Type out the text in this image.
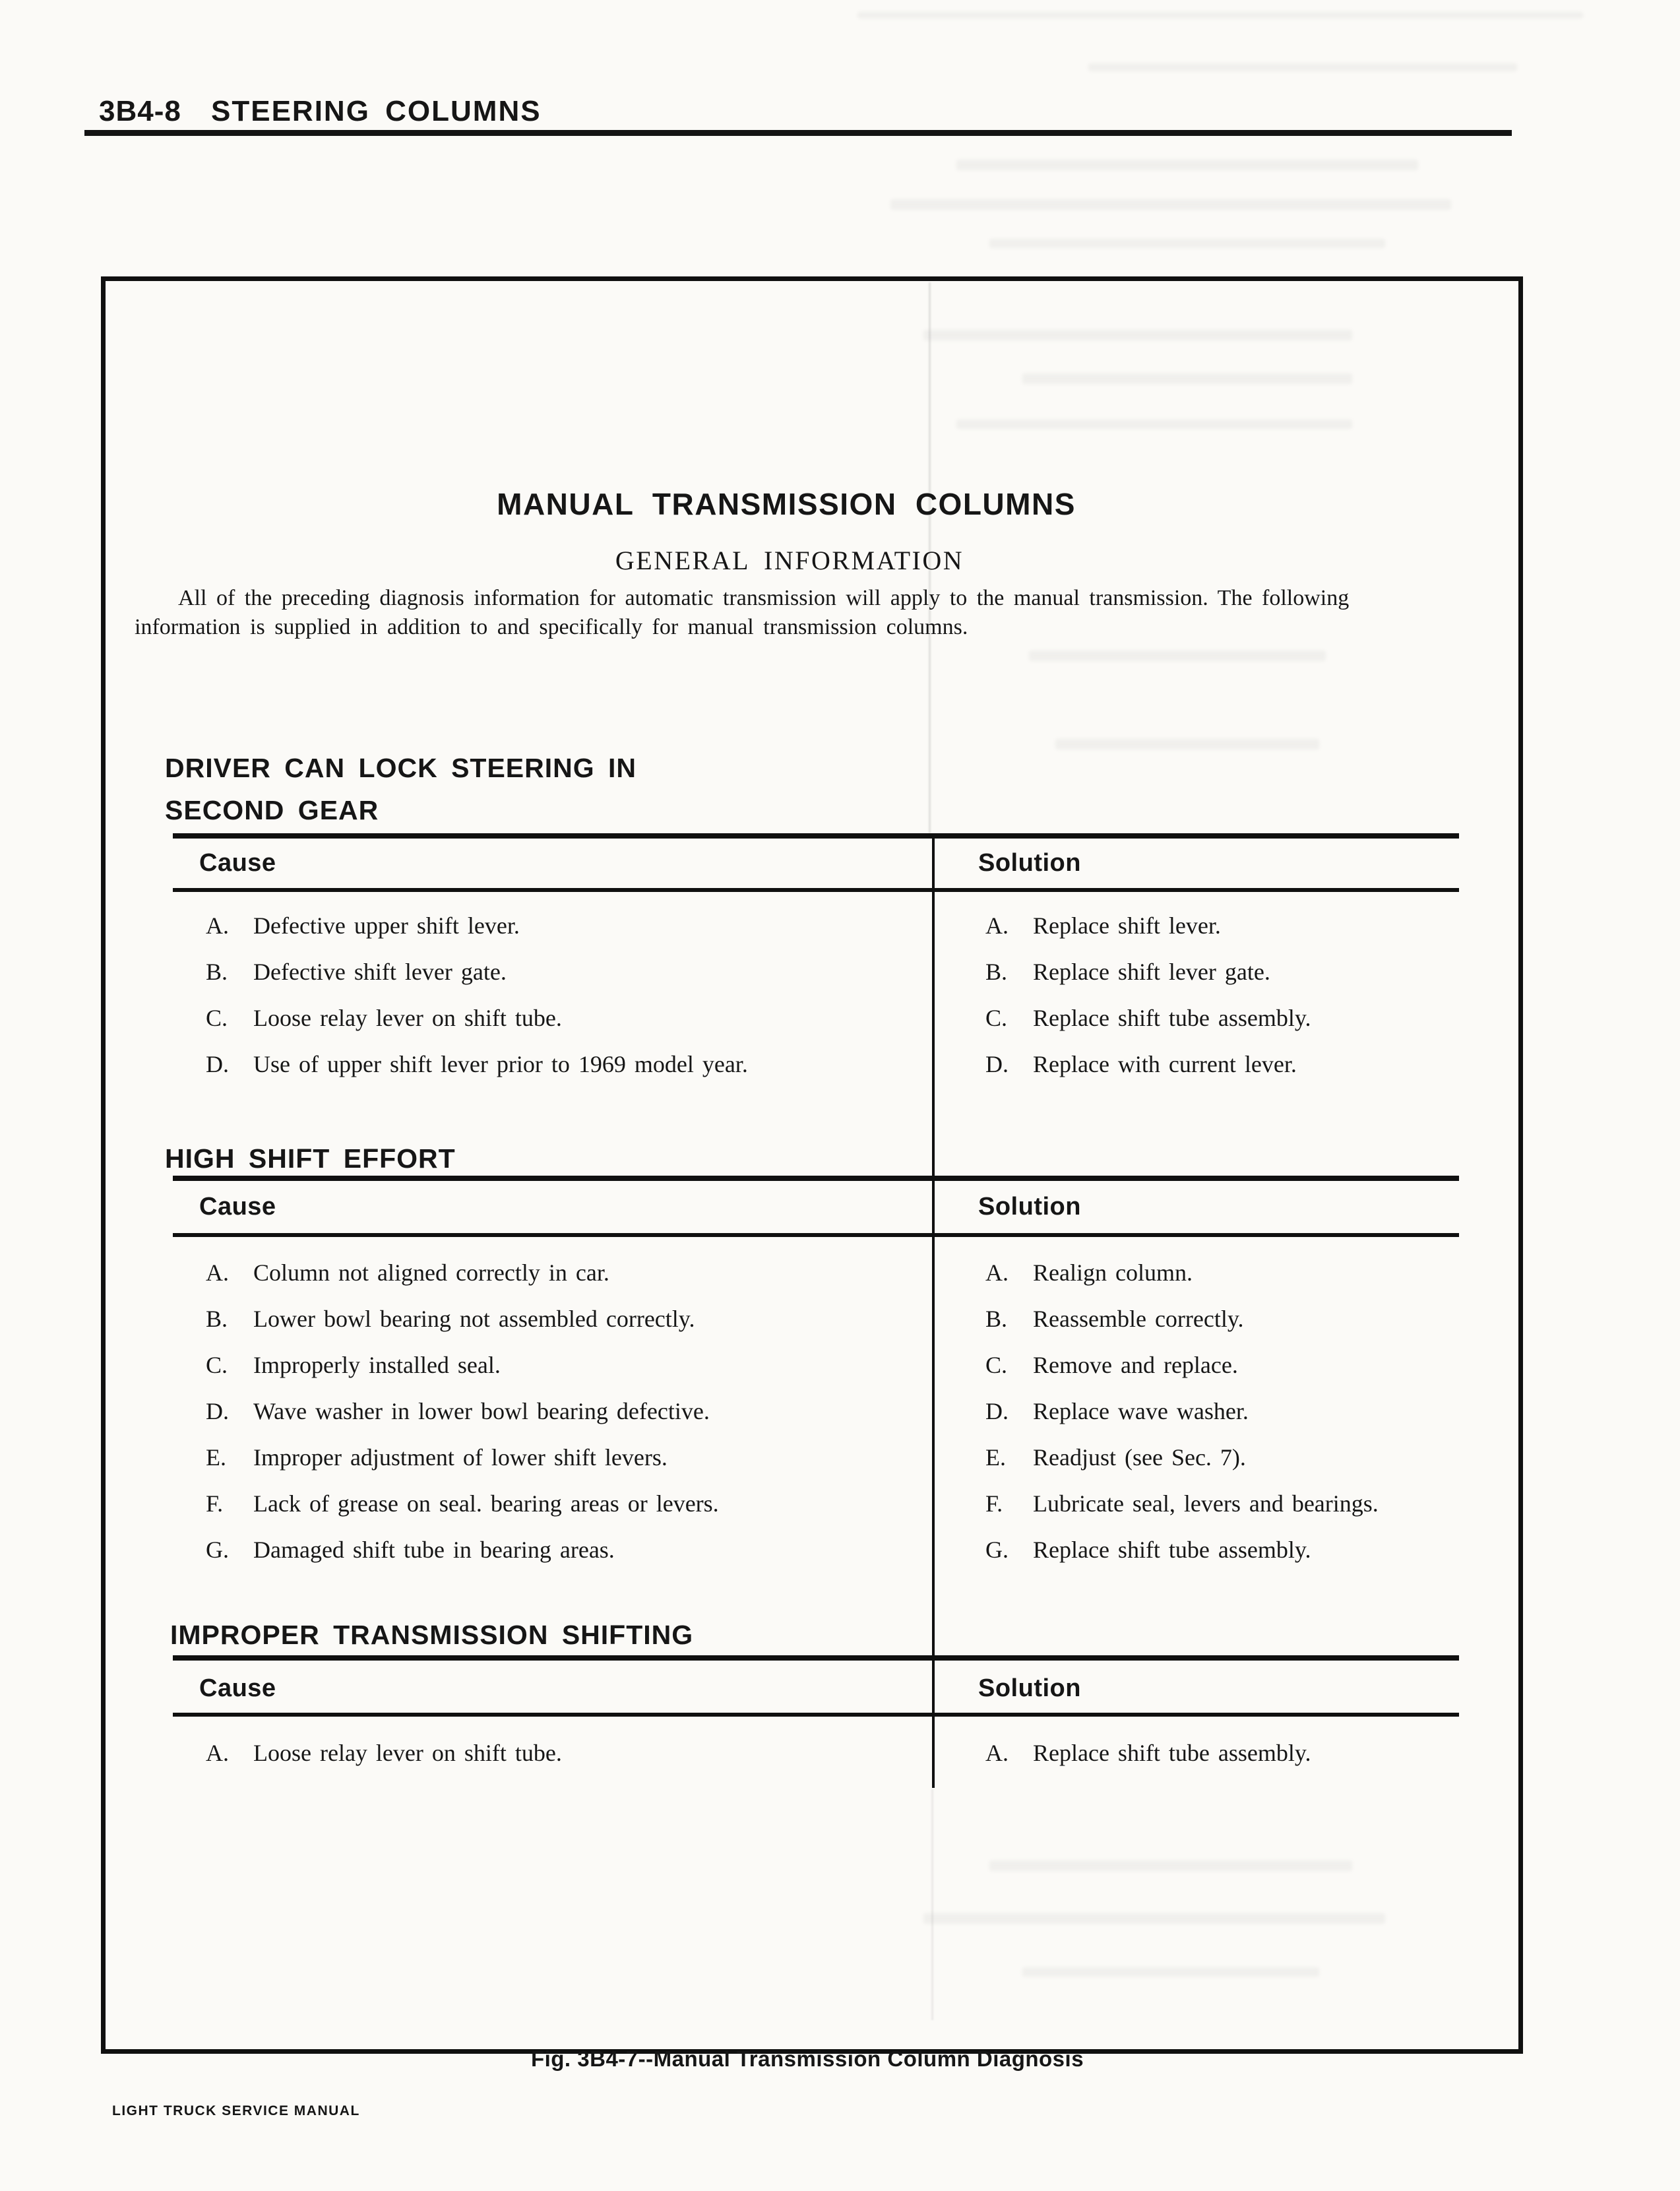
3B4-8 STEERING COLUMNS
MANUAL TRANSMISSION COLUMNS
GENERAL INFORMATION
All of the preceding diagnosis information for automatic transmission will apply to the manual transmission. The following
information is supplied in addition to and specifically for manual transmission columns.
DRIVER CAN LOCK STEERING IN
SECOND GEAR
Cause	Solution
A. Defective upper shift lever.	A. Replace shift lever.
B. Defective shift lever gate.	B. Replace shift lever gate.
C. Loose relay lever on shift tube.	C. Replace shift tube assembly.
D. Use of upper shift lever prior to 1969 model year.	D. Replace with current lever.
HIGH SHIFT EFFORT
Cause	Solution
A. Column not aligned correctly in car.	A. Realign column.
B. Lower bowl bearing not assembled correctly.	B. Reassemble correctly.
C. Improperly installed seal.	C. Remove and replace.
D. Wave washer in lower bowl bearing defective.	D. Replace wave washer.
E. Improper adjustment of lower shift levers.	E. Readjust (see Sec. 7).
F. Lack of grease on seal. bearing areas or levers.	F. Lubricate seal, levers and bearings.
G. Damaged shift tube in bearing areas.	G. Replace shift tube assembly.
IMPROPER TRANSMISSION SHIFTING
Cause	Solution
A. Loose relay lever on shift tube.	A. Replace shift tube assembly.
Fig. 3B4-7--Manual Transmission Column Diagnosis
LIGHT TRUCK SERVICE MANUAL
